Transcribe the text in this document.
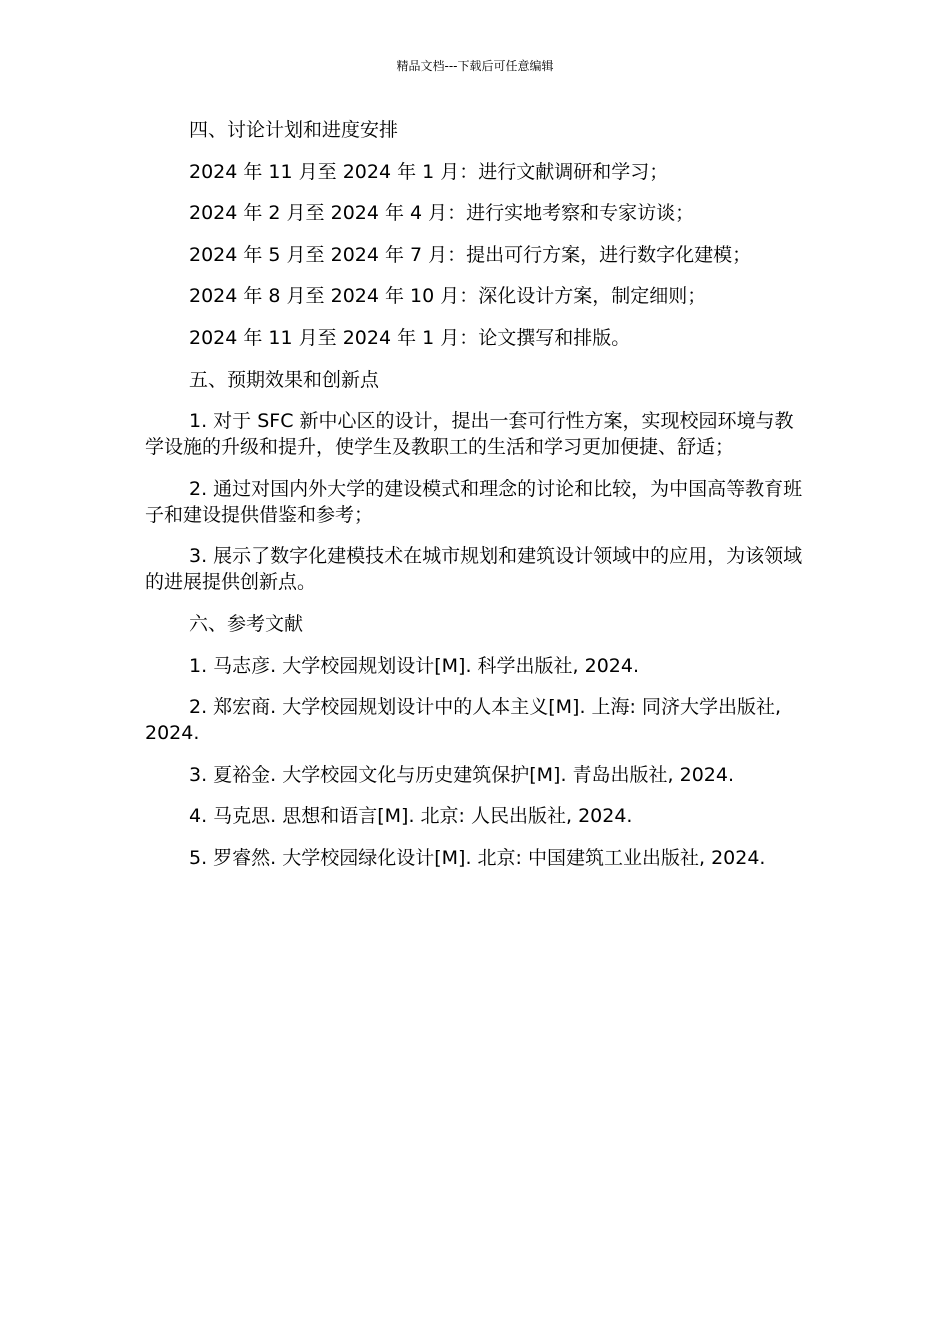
精品文档---下载后可任意编辑

四、讨论计划和进度安排

2024 年 11 月至 2024 年 1 月：进行文献调研和学习；

2024 年 2 月至 2024 年 4 月：进行实地考察和专家访谈；

2024 年 5 月至 2024 年 7 月：提出可行方案，进行数字化建模；

2024 年 8 月至 2024 年 10 月：深化设计方案，制定细则；

2024 年 11 月至 2024 年 1 月：论文撰写和排版。

五、预期效果和创新点

1. 对于 SFC 新中心区的设计，提出一套可行性方案，实现校园环境与教学设施的升级和提升，使学生及教职工的生活和学习更加便捷、舒适；

2. 通过对国内外大学的建设模式和理念的讨论和比较，为中国高等教育班子和建设提供借鉴和参考；

3. 展示了数字化建模技术在城市规划和建筑设计领域中的应用，为该领域的进展提供创新点。

六、参考文献

1. 马志彦. 大学校园规划设计[M]. 科学出版社, 2024.

2. 郑宏商. 大学校园规划设计中的人本主义[M]. 上海: 同济大学出版社, 2024.

3. 夏裕金. 大学校园文化与历史建筑保护[M]. 青岛出版社, 2024.

4. 马克思. 思想和语言[M]. 北京: 人民出版社, 2024.

5. 罗睿然. 大学校园绿化设计[M]. 北京: 中国建筑工业出版社, 2024.
